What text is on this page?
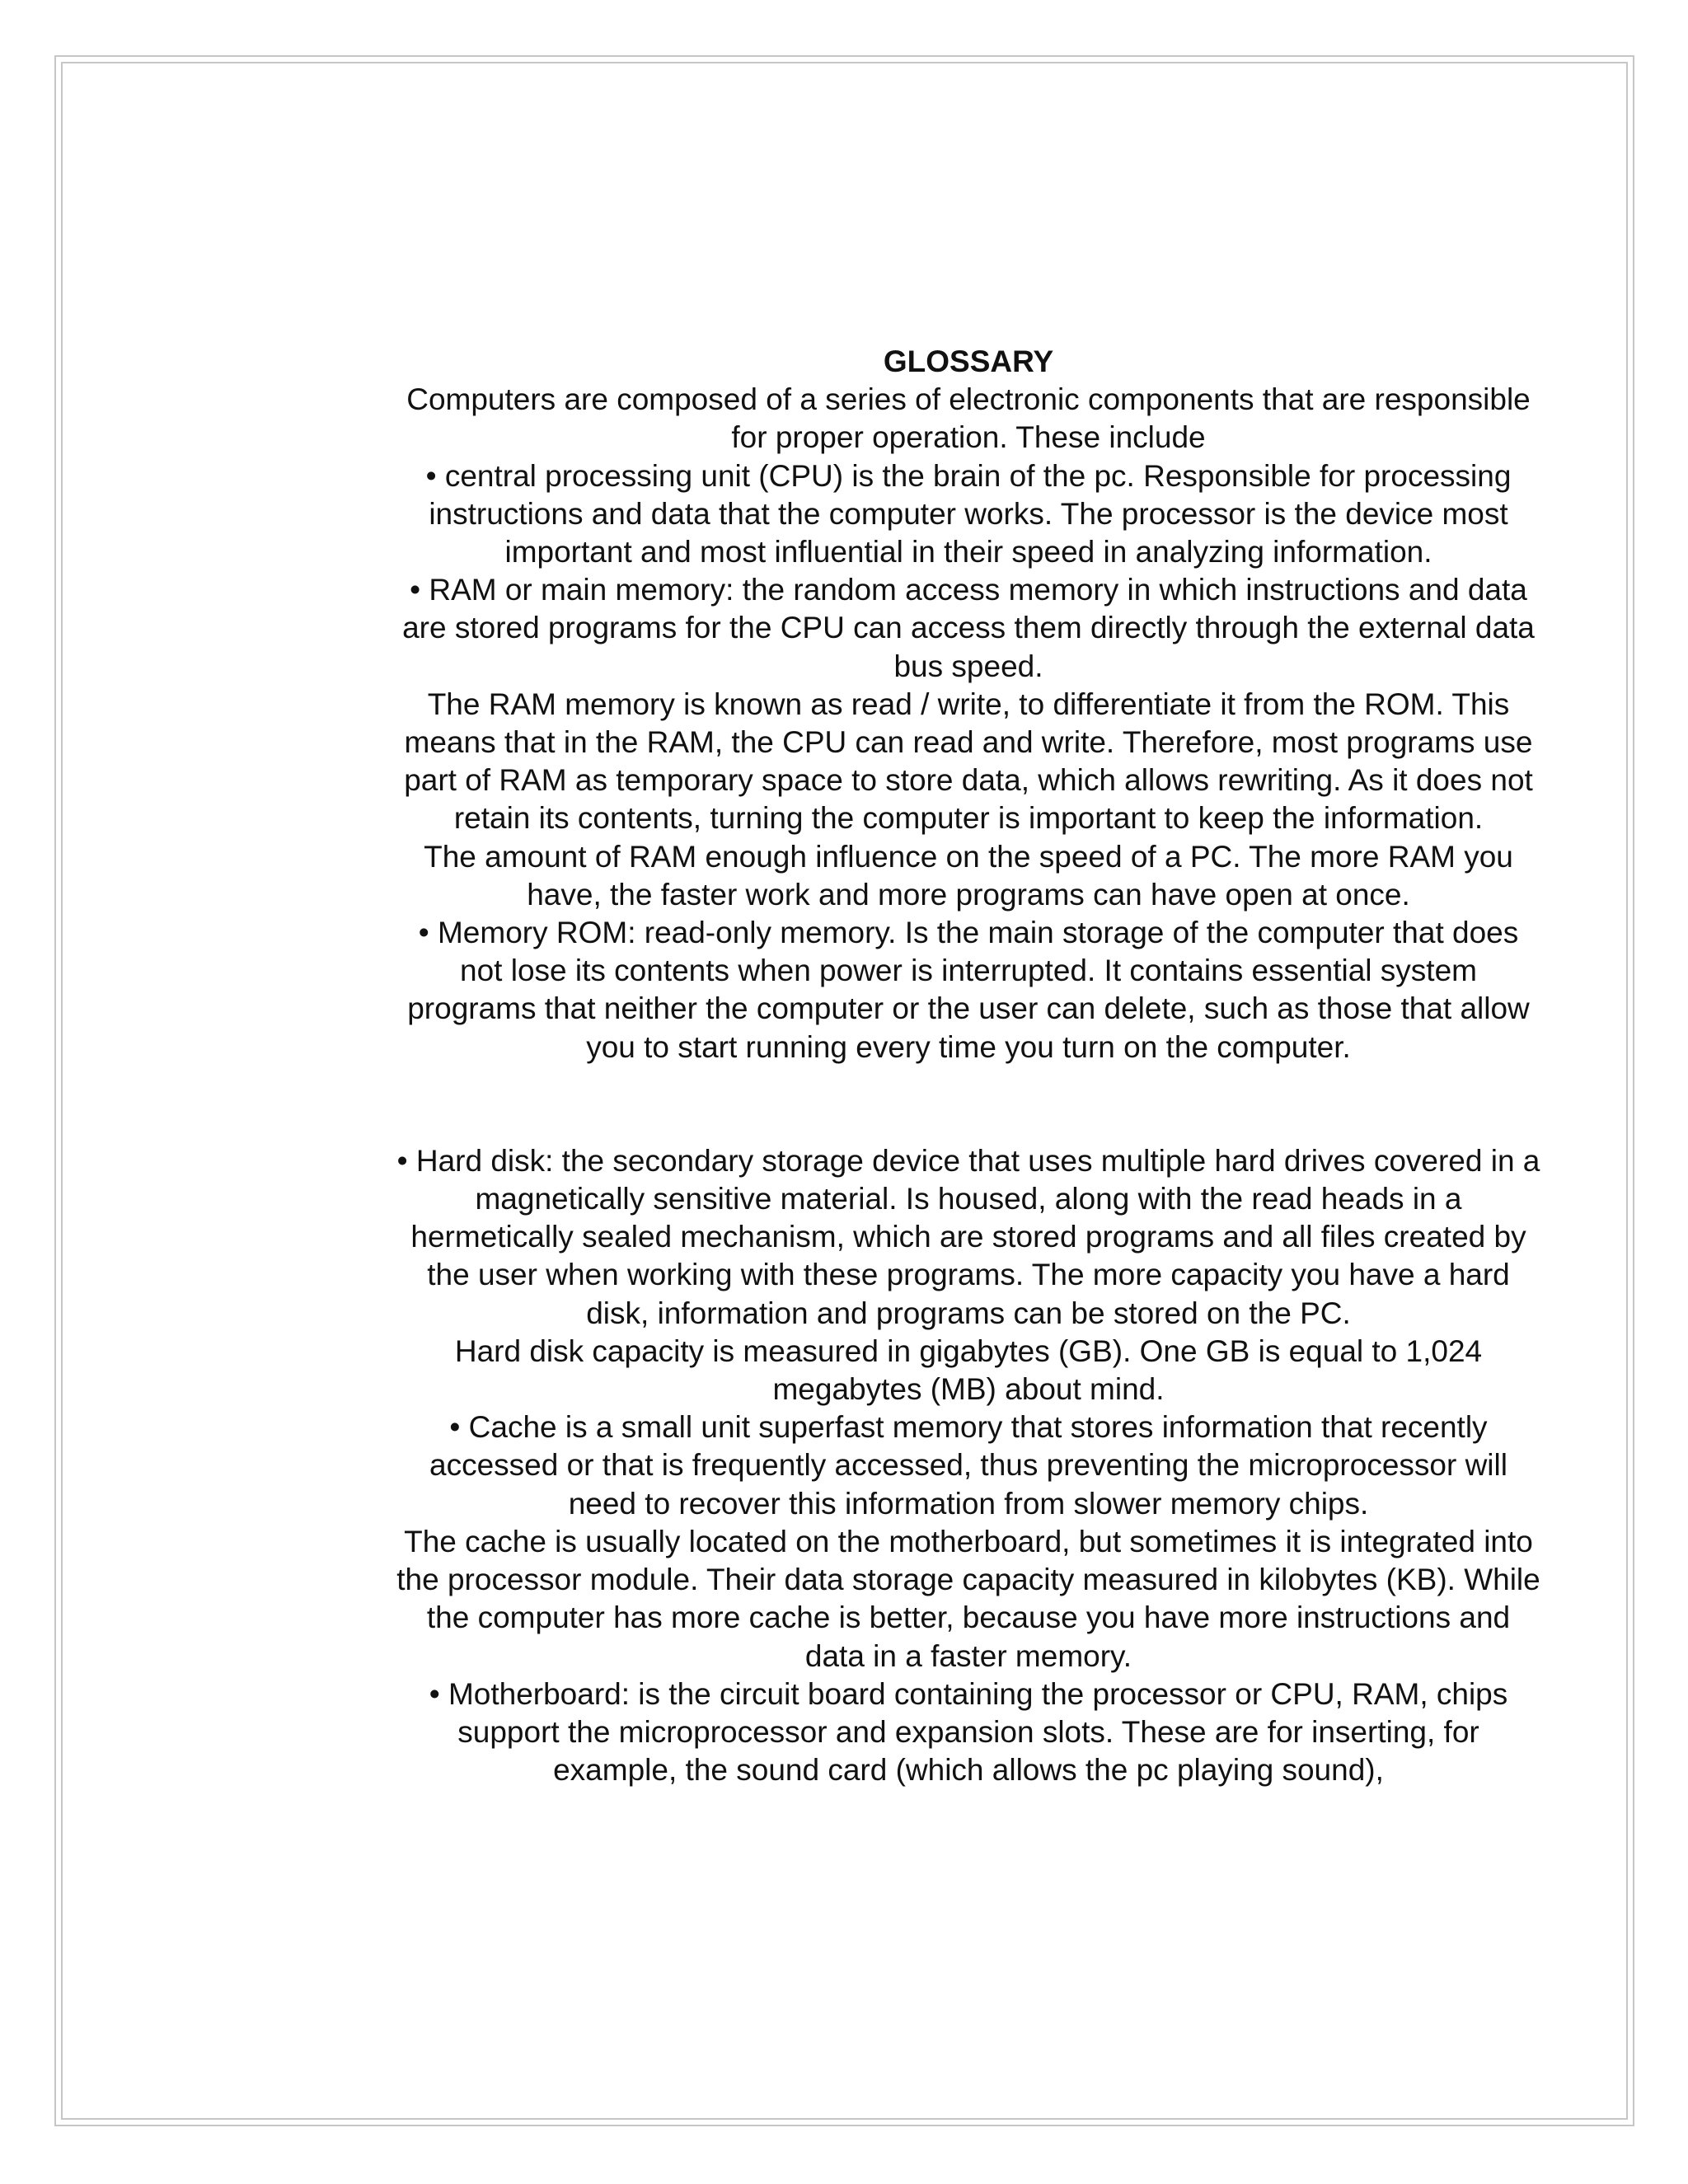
GLOSSARY

Computers are composed of a series of electronic components that are responsible for proper operation. These include

• central processing unit (CPU) is the brain of the pc. Responsible for processing instructions and data that the computer works. The processor is the device most important and most influential in their speed in analyzing information.

• RAM or main memory: the random access memory in which instructions and data are stored programs for the CPU can access them directly through the external data bus speed.

The RAM memory is known as read / write, to differentiate it from the ROM. This means that in the RAM, the CPU can read and write. Therefore, most programs use part of RAM as temporary space to store data, which allows rewriting. As it does not retain its contents, turning the computer is important to keep the information.

The amount of RAM enough influence on the speed of a PC. The more RAM you have, the faster work and more programs can have open at once.

• Memory ROM: read-only memory. Is the main storage of the computer that does not lose its contents when power is interrupted. It contains essential system programs that neither the computer or the user can delete, such as those that allow you to start running every time you turn on the computer.

• Hard disk: the secondary storage device that uses multiple hard drives covered in a magnetically sensitive material. Is housed, along with the read heads in a hermetically sealed mechanism, which are stored programs and all files created by the user when working with these programs. The more capacity you have a hard disk, information and programs can be stored on the PC.

Hard disk capacity is measured in gigabytes (GB). One GB is equal to 1,024 megabytes (MB) about mind.

• Cache is a small unit superfast memory that stores information that recently accessed or that is frequently accessed, thus preventing the microprocessor will need to recover this information from slower memory chips.

The cache is usually located on the motherboard, but sometimes it is integrated into the processor module. Their data storage capacity measured in kilobytes (KB). While the computer has more cache is better, because you have more instructions and data in a faster memory.

• Motherboard: is the circuit board containing the processor or CPU, RAM, chips support the microprocessor and expansion slots. These are for inserting, for example, the sound card (which allows the pc playing sound),
